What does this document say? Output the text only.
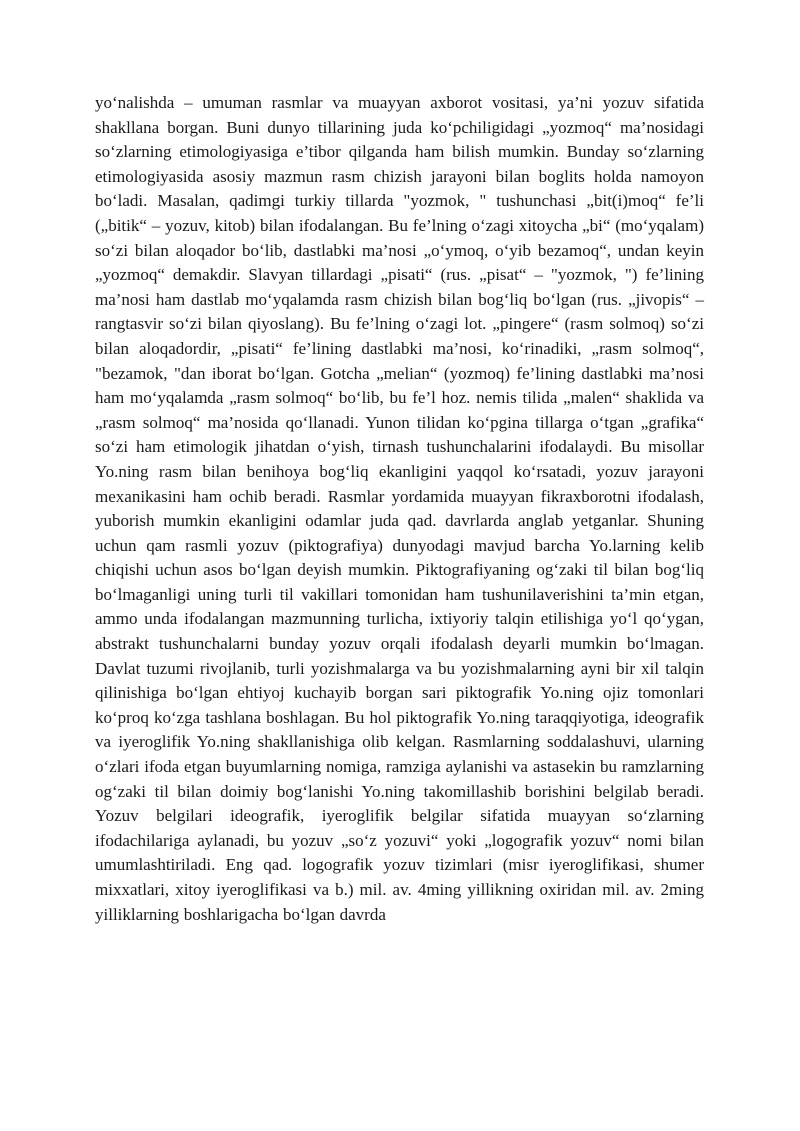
yo‘nalishda – umuman rasmlar va muayyan axborot vositasi, ya’ni yozuv sifatida shakllana borgan. Buni dunyo tillarining juda ko‘pchiligidagi „yozmoq“ ma’nosidagi so‘zlarning etimologiyasiga e’tibor qilganda ham bilish mumkin. Bunday so‘zlarning etimologiyasida asosiy mazmun rasm chizish jarayoni bilan boglits holda namoyon bo‘ladi. Masalan, qadimgi turkiy tillarda "yozmok, " tushunchasi „bit(i)moq“ fe’li („bitik“ – yozuv, kitob) bilan ifodalangan. Bu fe’lning o‘zagi xitoycha „bi“ (mo‘yqalam) so‘zi bilan aloqador bo‘lib, dastlabki ma’nosi „o‘ymoq, o‘yib bezamoq“, undan keyin „yozmoq“ demakdir. Slavyan tillardagi „pisati“ (rus. „pisat“ – "yozmok, ") fe’lining ma’nosi ham dastlab mo‘yqalamda rasm chizish bilan bog‘liq bo‘lgan (rus. „jivopis“ – rangtasvir so‘zi bilan qiyoslang). Bu fe’lning o‘zagi lot. „pingere“ (rasm solmoq) so‘zi bilan aloqadordir, „pisati“ fe’lining dastlabki ma’nosi, ko‘rinadiki, „rasm solmoq“, "bezamok, "dan iborat bo‘lgan. Gotcha „melian“ (yozmoq) fe’lining dastlabki ma’nosi ham mo‘yqalamda „rasm solmoq“ bo‘lib, bu fe’l hoz. nemis tilida „malen“ shaklida va „rasm solmoq“ ma’nosida qo‘llanadi. Yunon tilidan ko‘pgina tillarga o‘tgan „grafika“ so‘zi ham etimologik jihatdan o‘yish, tirnash tushunchalarini ifodalaydi. Bu misollar Yo.ning rasm bilan benihoya bog‘liq ekanligini yaqqol ko‘rsatadi, yozuv jarayoni mexanikasini ham ochib beradi. Rasmlar yordamida muayyan fikraxborotni ifodalash, yuborish mumkin ekanligini odamlar juda qad. davrlarda anglab yetganlar. Shuning uchun qam rasmli yozuv (piktografiya) dunyodagi mavjud barcha Yo.larning kelib chiqishi uchun asos bo‘lgan deyish mumkin. Piktografiyaning og‘zaki til bilan bog‘liq bo‘lmaganligi uning turli til vakillari tomonidan ham tushunilaverishini ta’min etgan, ammo unda ifodalangan mazmunning turlicha, ixtiyoriy talqin etilishiga yo‘l qo‘ygan, abstrakt tushunchalarni bunday yozuv orqali ifodalash deyarli mumkin bo‘lmagan. Davlat tuzumi rivojlanib, turli yozishmalarga va bu yozishmalarning ayni bir xil talqin qilinishiga bo‘lgan ehtiyoj kuchayib borgan sari piktografik Yo.ning ojiz tomonlari ko‘proq ko‘zga tashlana boshlagan. Bu hol piktografik Yo.ning taraqqiyotiga, ideografik va iyeroglifik Yo.ning shakllanishiga olib kelgan. Rasmlarning soddalashuvi, ularning o‘zlari ifoda etgan buyumlarning nomiga, ramziga aylanishi va astasekin bu ramzlarning og‘zaki til bilan doimiy bog‘lanishi Yo.ning takomillashib borishini belgilab beradi. Yozuv belgilari ideografik, iyeroglifik belgilar sifatida muayyan so‘zlarning ifodachilariga aylanadi, bu yozuv „so‘z yozuvi“ yoki „logografik yozuv“ nomi bilan umumlashtiriladi. Eng qad. logografik yozuv tizimlari (misr iyeroglifikasi, shumer mixxatlari, xitoy iyeroglifikasi va b.) mil. av. 4ming yillikning oxiridan mil. av. 2ming yilliklarning boshlarigacha bo‘lgan davrda
